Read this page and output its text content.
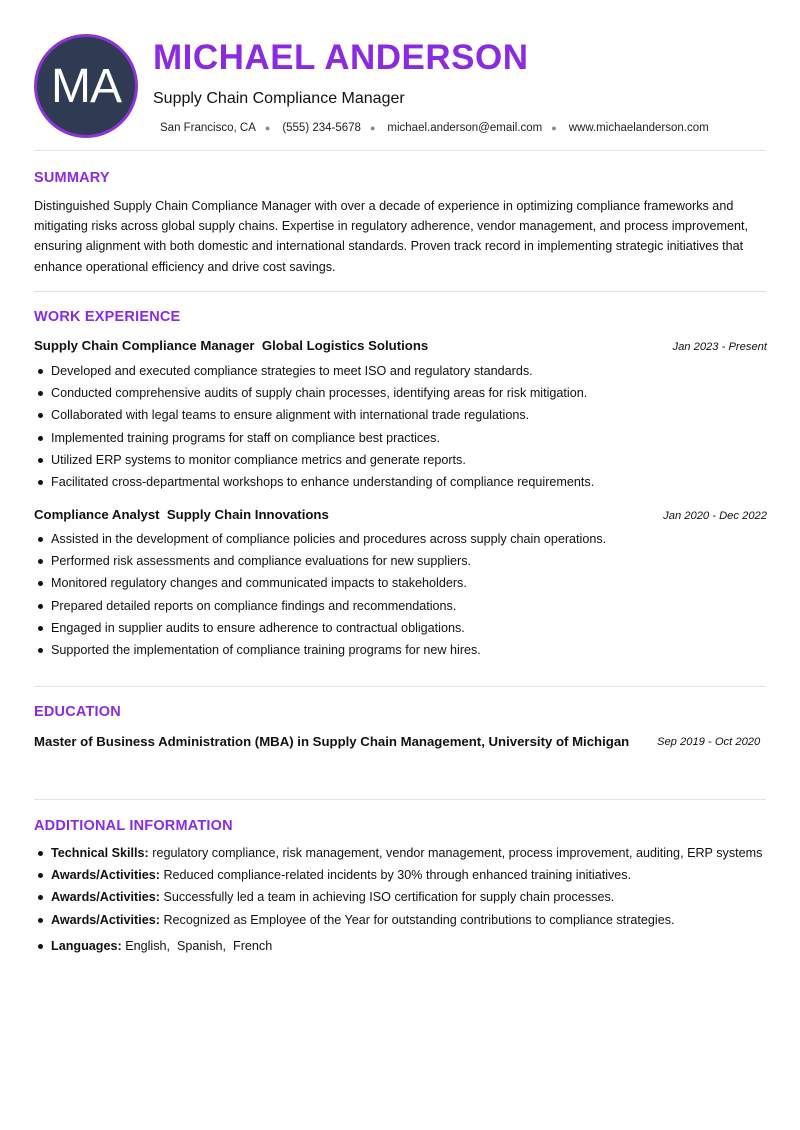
MA
MICHAEL ANDERSON
Supply Chain Compliance Manager
San Francisco, CA ● (555) 234-5678 ● michael.anderson@email.com ● www.michaelanderson.com
SUMMARY

Distinguished Supply Chain Compliance Manager with over a decade of experience in optimizing compliance frameworks and mitigating risks across global supply chains. Expertise in regulatory adherence, vendor management, and process improvement, ensuring alignment with both domestic and international standards. Proven track record in implementing strategic initiatives that enhance operational efficiency and drive cost savings.

WORK EXPERIENCE
Supply Chain Compliance Manager Global Logistics Solutions	Jan 2023 - Present
Developed and executed compliance strategies to meet ISO and regulatory standards.
Conducted comprehensive audits of supply chain processes, identifying areas for risk mitigation.
Collaborated with legal teams to ensure alignment with international trade regulations.
Implemented training programs for staff on compliance best practices.
Utilized ERP systems to monitor compliance metrics and generate reports.
Facilitated cross-departmental workshops to enhance understanding of compliance requirements.
Compliance Analyst Supply Chain Innovations	Jan 2020 - Dec 2022
Assisted in the development of compliance policies and procedures across supply chain operations.
Performed risk assessments and compliance evaluations for new suppliers.
Monitored regulatory changes and communicated impacts to stakeholders.
Prepared detailed reports on compliance findings and recommendations.
Engaged in supplier audits to ensure adherence to contractual obligations.
Supported the implementation of compliance training programs for new hires.
EDUCATION
Master of Business Administration (MBA) in Supply Chain Management, University of Michigan	Sep 2019 - Oct 2020
ADDITIONAL INFORMATION
Technical Skills: regulatory compliance, risk management, vendor management, process improvement, auditing, ERP systems
Awards/Activities: Reduced compliance-related incidents by 30% through enhanced training initiatives.
Awards/Activities: Successfully led a team in achieving ISO certification for supply chain processes.
Awards/Activities: Recognized as Employee of the Year for outstanding contributions to compliance strategies.
Languages: English,  Spanish,  French
